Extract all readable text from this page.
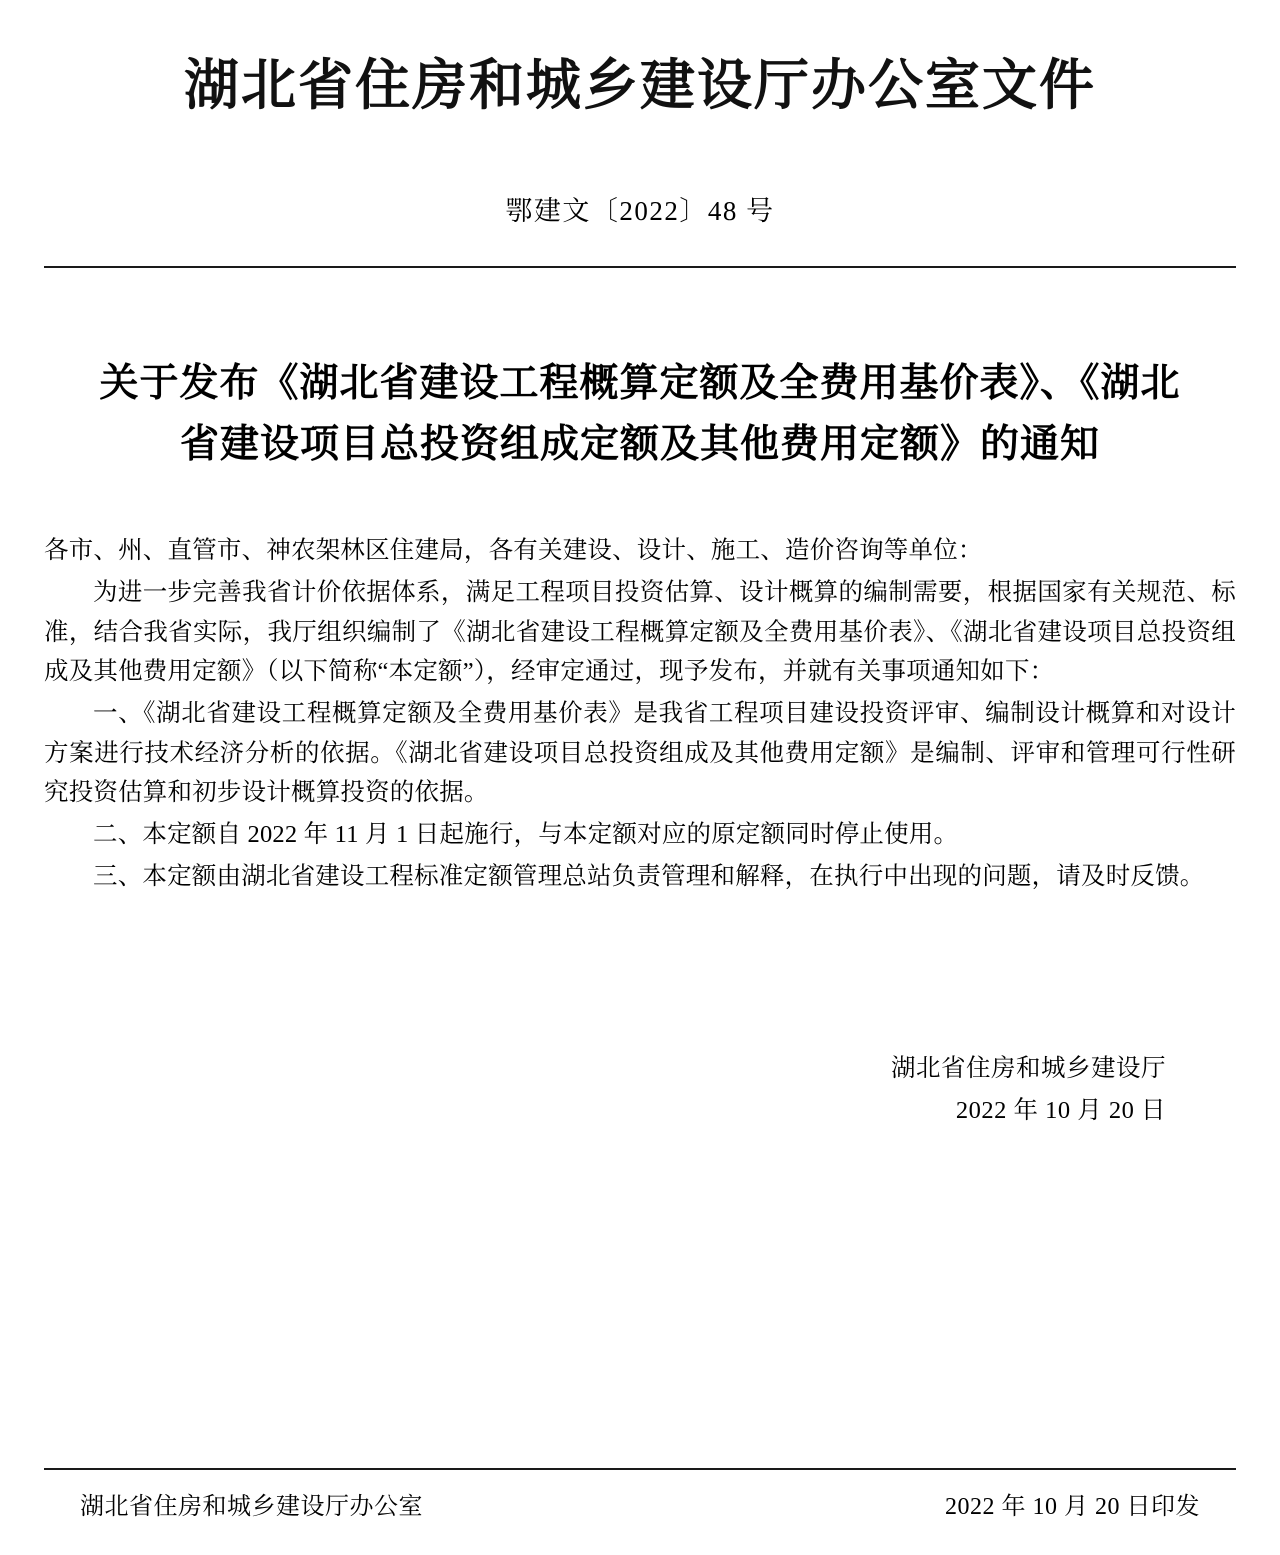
湖北省住房和城乡建设厅办公室文件
鄂建文〔2022〕48 号
关于发布《湖北省建设工程概算定额及全费用基价表》、《湖北省建设项目总投资组成定额及其他费用定额》的通知

各市、州、直管市、神农架林区住建局，各有关建设、设计、施工、造价咨询等单位：

为进一步完善我省计价依据体系，满足工程项目投资估算、设计概算的编制需要，根据国家有关规范、标准，结合我省实际，我厅组织编制了《湖北省建设工程概算定额及全费用基价表》、《湖北省建设项目总投资组成及其他费用定额》（以下简称“本定额”），经审定通过，现予发布，并就有关事项通知如下：

一、《湖北省建设工程概算定额及全费用基价表》是我省工程项目建设投资评审、编制设计概算和对设计方案进行技术经济分析的依据。《湖北省建设项目总投资组成及其他费用定额》是编制、评审和管理可行性研究投资估算和初步设计概算投资的依据。

二、本定额自 2022 年 11 月 1 日起施行，与本定额对应的原定额同时停止使用。

三、本定额由湖北省建设工程标准定额管理总站负责管理和解释，在执行中出现的问题，请及时反馈。

湖北省住房和城乡建设厅
2022 年 10 月 20 日
湖北省住房和城乡建设厅办公室	2022 年 10 月 20 日印发
